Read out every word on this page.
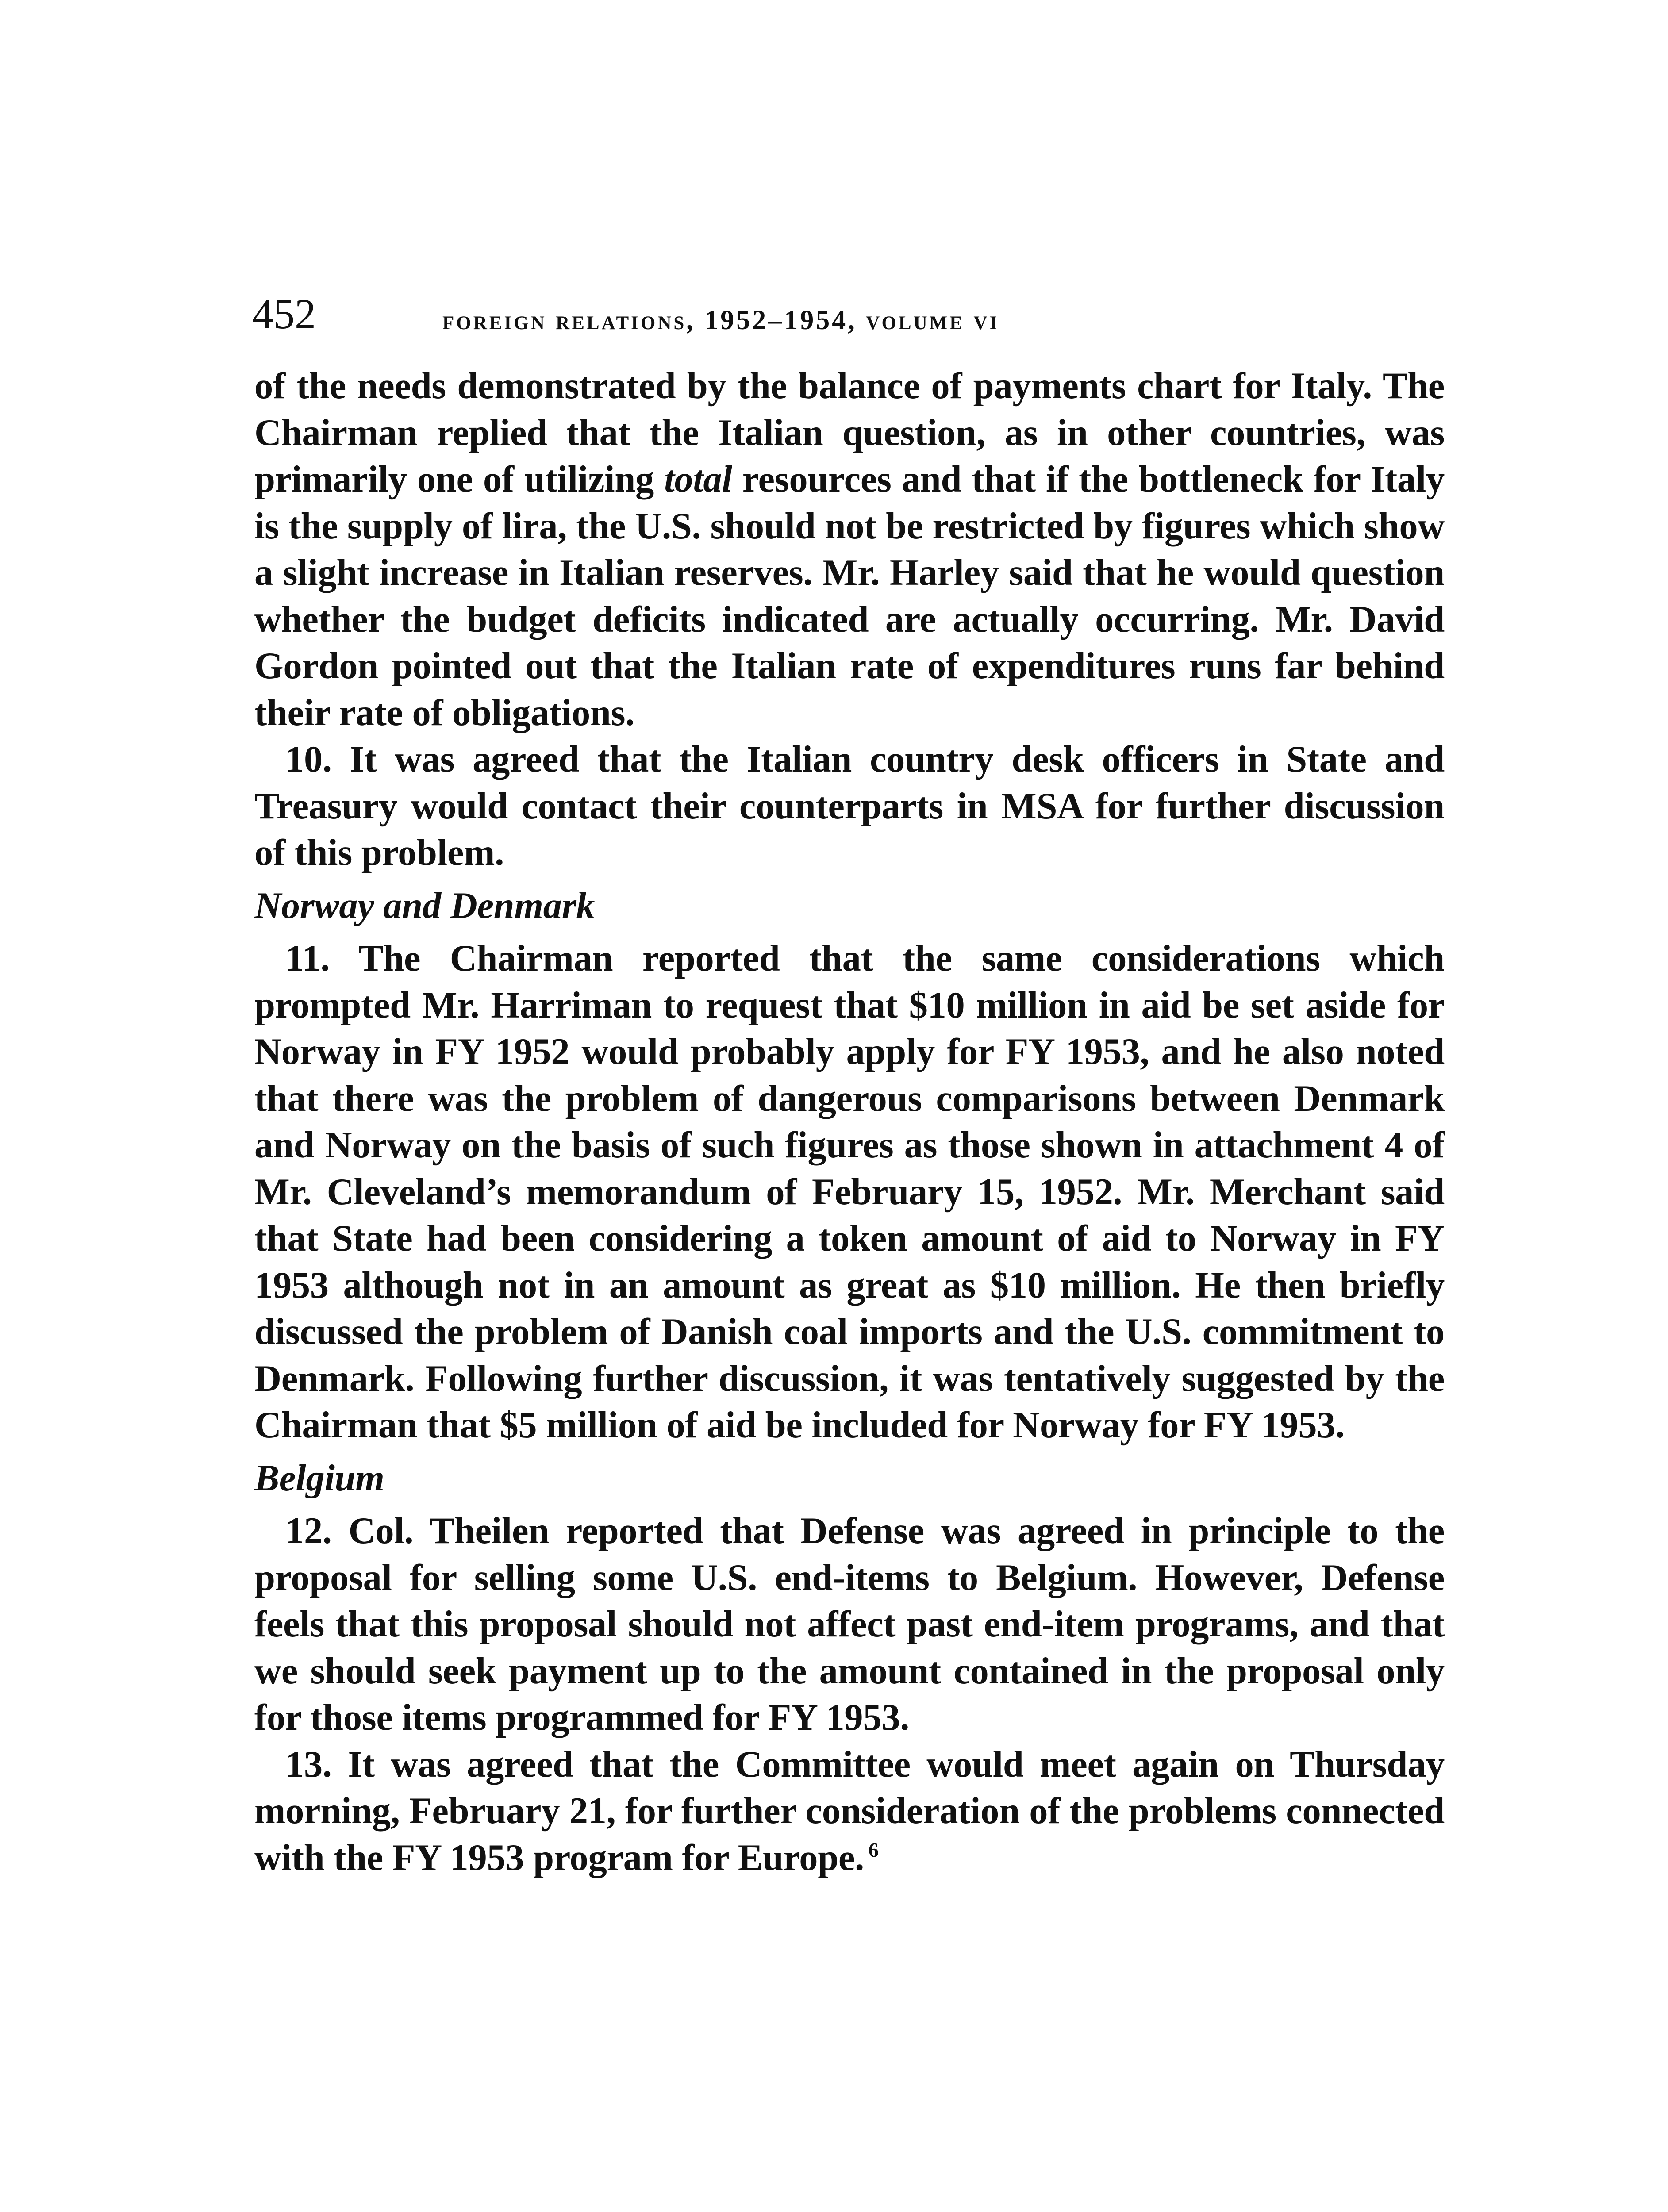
452	foreign relations, 1952–1954, volume vi

of the needs demonstrated by the balance of payments chart for Italy. The Chairman replied that the Italian question, as in other countries, was primarily one of utilizing total resources and that if the bottleneck for Italy is the supply of lira, the U.S. should not be restricted by figures which show a slight increase in Italian reserves. Mr. Harley said that he would question whether the budget deficits indicated are actually occurring. Mr. David Gordon pointed out that the Italian rate of expenditures runs far behind their rate of obligations.

10. It was agreed that the Italian country desk officers in State and Treasury would contact their counterparts in MSA for further discussion of this problem.

Norway and Denmark

11. The Chairman reported that the same considerations which prompted Mr. Harriman to request that $10 million in aid be set aside for Norway in FY 1952 would probably apply for FY 1953, and he also noted that there was the problem of dangerous comparisons between Denmark and Norway on the basis of such figures as those shown in attachment 4 of Mr. Cleveland’s memorandum of February 15, 1952. Mr. Merchant said that State had been considering a token amount of aid to Norway in FY 1953 although not in an amount as great as $10 million. He then briefly discussed the problem of Danish coal imports and the U.S. commitment to Denmark. Following further discussion, it was tentatively suggested by the Chairman that $5 million of aid be included for Norway for FY 1953.

Belgium

12. Col. Theilen reported that Defense was agreed in principle to the proposal for selling some U.S. end-items to Belgium. However, Defense feels that this proposal should not affect past end-item programs, and that we should seek payment up to the amount contained in the proposal only for those items programmed for FY 1953.

13. It was agreed that the Committee would meet again on Thursday morning, February 21, for further consideration of the problems connected with the FY 1953 program for Europe. $^6$
